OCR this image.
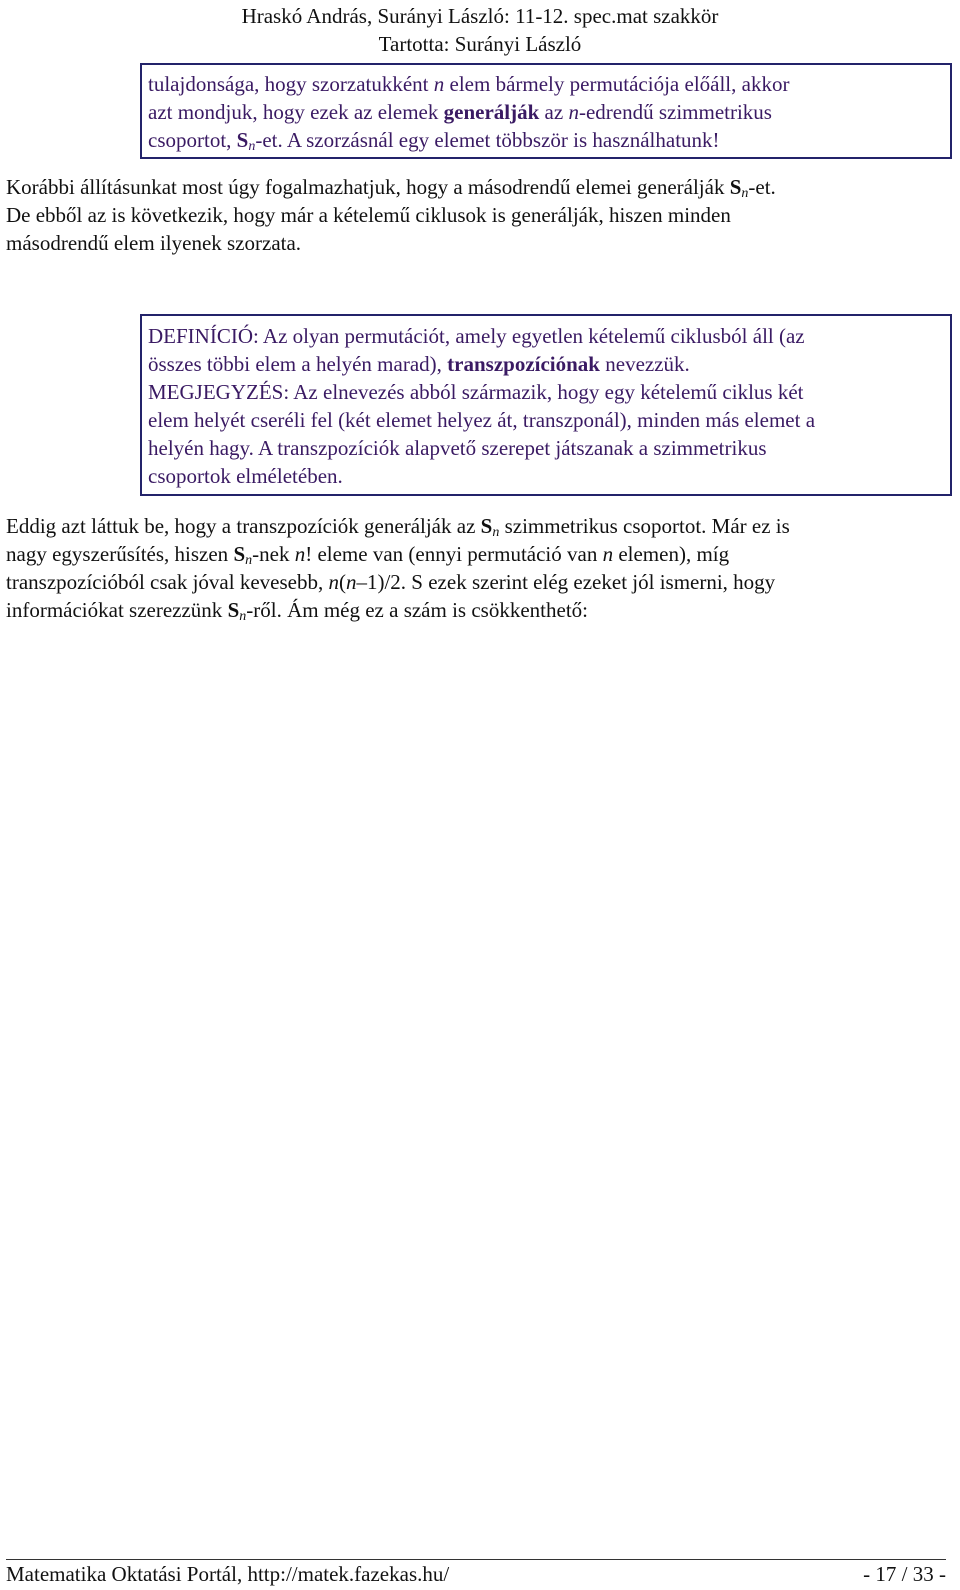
Hraskó András, Surányi László: 11-12. spec.mat szakkör
Tartotta: Surányi László

tulajdonsága, hogy szorzatukként n elem bármely permutációja előáll, akkor

azt mondjuk, hogy ezek az elemek generálják az n-edrendű szimmetrikus

csoportot, $S_n-et$. A szorzásnál egy elemet többször is használhatunk!

Korábbi állításunkat most úgy fogalmazhatjuk, hogy a másodrendű elemei generálják $S_n-et$.

De ebből az is következik, hogy már a kételemű ciklusok is generálják, hiszen minden

másodrendű elem ilyenek szorzata.

DEFINÍCIÓ: Az olyan permutációt, amely egyetlen kételemű ciklusból áll (az

összes többi elem a helyén marad), transzpozíciónak nevezzük.

MEGJEGYZÉS: Az elnevezés abból származik, hogy egy kételemű ciklus két

elem helyét cseréli fel (két elemet helyez át, transzponál), minden más elemet a

helyén hagy. A transzpozíciók alapvető szerepet játszanak a szimmetrikus

csoportok elméletében.

Eddig azt láttuk be, hogy a transzpozíciók generálják az $S_n$ szimmetrikus csoportot. Már ez is

nagy egyszerűsítés, hiszen $S_n$-nek n! eleme van (ennyi permutáció van n elemen), míg

transzpozícióból csak jóval kevesebb, n(n–1)/2. S ezek szerint elég ezeket jól ismerni, hogy

információkat szerezzünk $S_n$-ről. Ám még ez a szám is csökkenthető:

Matematika Oktatási Portál, http://matek.fazekas.hu/	- 17 / 33 -
